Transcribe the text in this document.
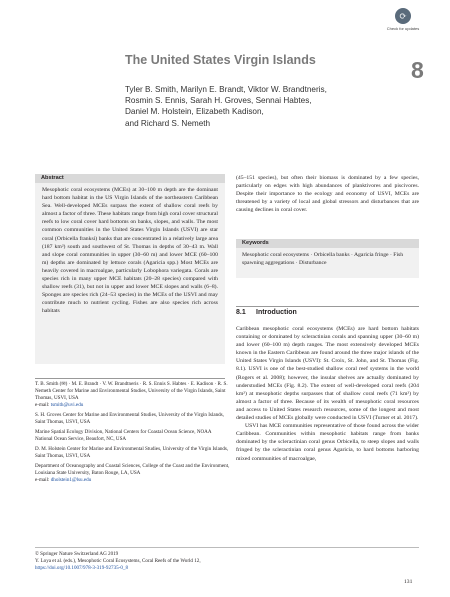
⟳
Check for updates
The United States Virgin Islands	8
Tyler B. Smith, Marilyn E. Brandt, Viktor W. Brandtneris,
Rosmin S. Ennis, Sarah H. Groves, Sennai Habtes,
Daniel M. Holstein, Elizabeth Kadison,
and Richard S. Nemeth
Abstract
Mesophotic coral ecosystems (MCEs) at 30–100 m depth are the dominant hard bottom habitat in the US Virgin Islands of the northeastern Caribbean Sea. Well-developed MCEs surpass the extent of shallow coral reefs by almost a factor of three. These habitats range from high coral cover structural reefs to low coral cover hard bottoms on banks, slopes, and walls. The most common communities in the United States Virgin Islands (USVI) are star coral (Orbicella franksi) banks that are concentrated in a relatively large area (187 km²) south and southwest of St. Thomas in depths of 30–43 m. Wall and slope coral communities in upper (30–60 m) and lower MCE (60–100 m) depths are dominated by lettuce corals (Agaricia spp.) Most MCEs are heavily covered in macroalgae, particularly Lobophora variegata. Corals are species rich in many upper MCE habitats (20–28 species) compared with shallow reefs (31), but not in upper and lower MCE slopes and walls (6–8). Sponges are species rich (24–53 species) in the MCEs of the USVI and may contribute much to nutrient cycling. Fishes are also species rich across habitats

T. B. Smith (✉) · M. E. Brandt · V. W. Brandtneris · R. S. Ennis S. Habtes · E. Kadison · R. S. Nemeth Center for Marine and Environmental Studies, University of the Virgin Islands, Saint Thomas, USVI, USA
e-mail: tsmith@uvi.edu

S. H. Groves Center for Marine and Environmental Studies, University of the Virgin Islands, Saint Thomas, USVI, USA

Marine Spatial Ecology Division, National Centers for Coastal Ocean Science, NOAA National Ocean Service, Beaufort, NC, USA

D. M. Holstein Center for Marine and Environmental Studies, University of the Virgin Islands, Saint Thomas, USVI, USA

Department of Oceanography and Coastal Sciences, College of the Coast and the Environment, Louisiana State University, Baton Rouge, LA, USA
e-mail: dholstein1@lsu.edu

(45–151 species), but often their biomass is dominated by a few species, particularly on edges with high abundances of planktivores and piscivores. Despite their importance to the ecology and economy of USVI, MCEs are threatened by a variety of local and global stressors and disturbances that are causing declines in coral cover.
Keywords
Mesophotic coral ecosystems · Orbicella banks · Agaricia fringe · Fish spawning aggregations · Disturbance
8.1 Introduction

Caribbean mesophotic coral ecosystems (MCEs) are hard bottom habitats containing or dominated by scleractinian corals and spanning upper (30–60 m) and lower (60–100 m) depth ranges. The most extensively developed MCEs known in the Eastern Caribbean are found around the three major islands of the United States Virgin Islands (USVI): St. Croix, St. John, and St. Thomas (Fig. 8.1). USVI is one of the best-studied shallow coral reef systems in the world (Rogers et al. 2008); however, the insular shelves are actually dominated by understudied MCEs (Fig. 8.2). The extent of well-developed coral reefs (204 km²) at mesophotic depths surpasses that of shallow coral reefs (71 km²) by almost a factor of three. Because of its wealth of mesophotic coral resources and access to United States research resources, some of the longest and most detailed studies of MCEs globally were conducted in USVI (Turner et al. 2017).

USVI has MCE communities representative of those found across the wider Caribbean. Communities within mesophotic habitats range from banks dominated by the scleractinian coral genus Orbicella, to steep slopes and walls fringed by the scleractinian coral genus Agaricia, to hard bottoms harboring mixed communities of macroalgae,

© Springer Nature Switzerland AG 2019
Y. Loya et al. (eds.), Mesophotic Coral Ecosystems, Coral Reefs of the World 12,
https://doi.org/10.1007/978-3-319-92735-0_8
131
